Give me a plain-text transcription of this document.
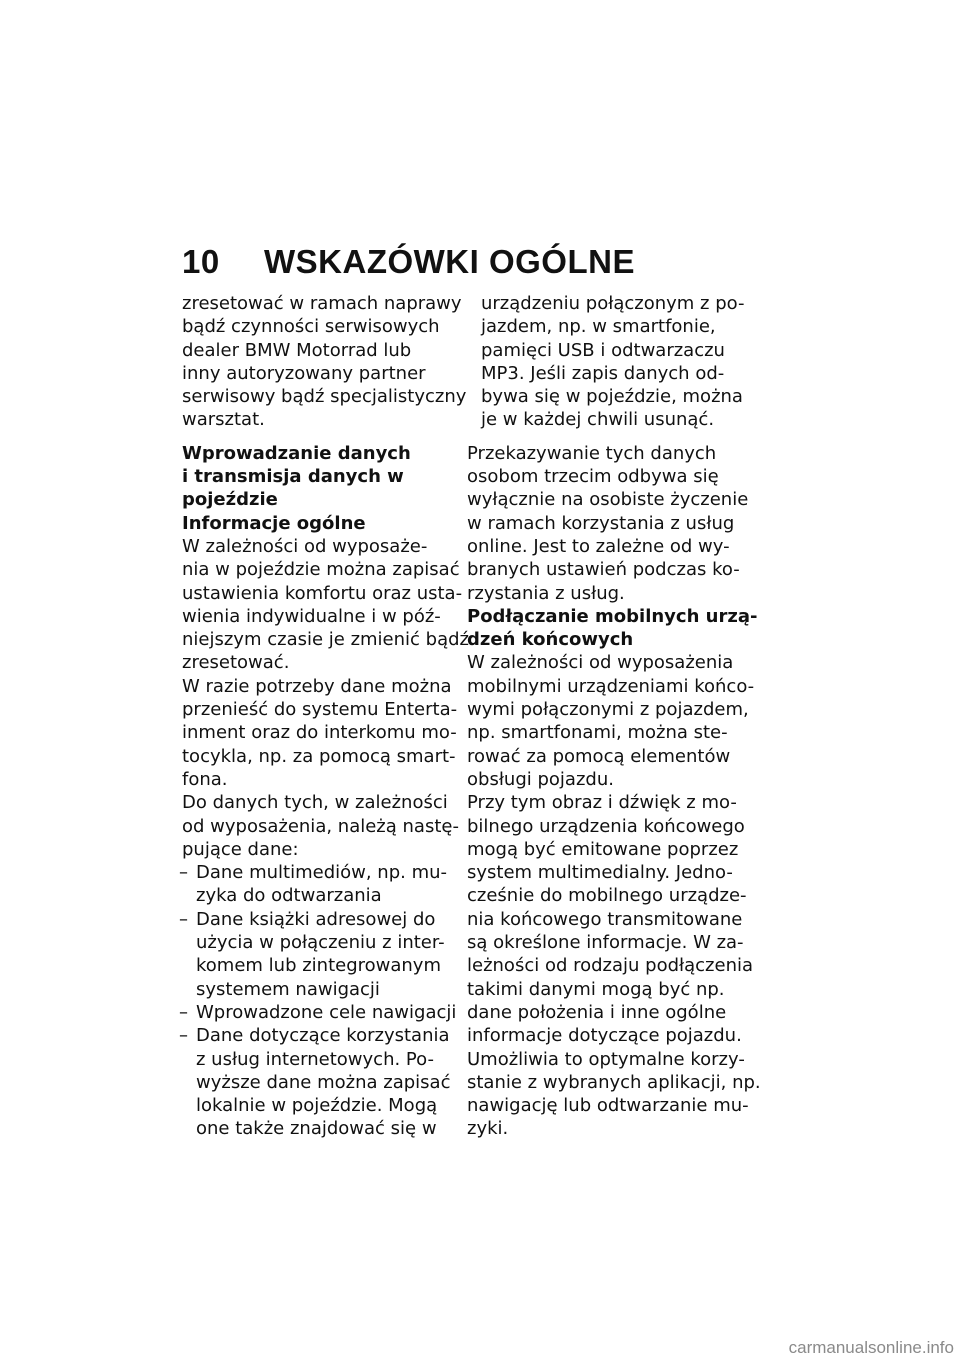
10 WSKAZÓWKI OGÓLNE

zresetować w ramach naprawy

bądź czynności serwisowych

dealer BMW Motorrad lub

inny autoryzowany partner

serwisowy bądź specjalistyczny

warsztat.

Wprowadzanie danych

i transmisja danych w

pojeździe

Informacje ogólne

W zależności od wyposaże-

nia w pojeździe można zapisać

ustawienia komfortu oraz usta-

wienia indywidualne i w póź-

niejszym czasie je zmienić bądź

zresetować.

W razie potrzeby dane można

przenieść do systemu Enterta-

inment oraz do interkomu mo-

tocykla, np. za pomocą smart-

fona.

Do danych tych, w zależności

od wyposażenia, należą nastę-

pujące dane:

– Dane multimediów, np. mu-

zyka do odtwarzania

– Dane książki adresowej do

użycia w połączeniu z inter-

komem lub zintegrowanym

systemem nawigacji

– Wprowadzone cele nawigacji

– Dane dotyczące korzystania

z usług internetowych. Po-

wyższe dane można zapisać

lokalnie w pojeździe. Mogą

one także znajdować się w

urządzeniu połączonym z po-

jazdem, np. w smartfonie,

pamięci USB i odtwarzaczu

MP3. Jeśli zapis danych od-

bywa się w pojeździe, można

je w każdej chwili usunąć.

Przekazywanie tych danych

osobom trzecim odbywa się

wyłącznie na osobiste życzenie

w ramach korzystania z usług

online. Jest to zależne od wy-

branych ustawień podczas ko-

rzystania z usług.

Podłączanie mobilnych urzą-

dzeń końcowych

W zależności od wyposażenia

mobilnymi urządzeniami końco-

wymi połączonymi z pojazdem,

np. smartfonami, można ste-

rować za pomocą elementów

obsługi pojazdu.

Przy tym obraz i dźwięk z mo-

bilnego urządzenia końcowego

mogą być emitowane poprzez

system multimedialny. Jedno-

cześnie do mobilnego urządze-

nia końcowego transmitowane

są określone informacje. W za-

leżności od rodzaju podłączenia

takimi danymi mogą być np.

dane położenia i inne ogólne

informacje dotyczące pojazdu.

Umożliwia to optymalne korzy-

stanie z wybranych aplikacji, np.

nawigację lub odtwarzanie mu-

zyki.

carmanualsonline.info
